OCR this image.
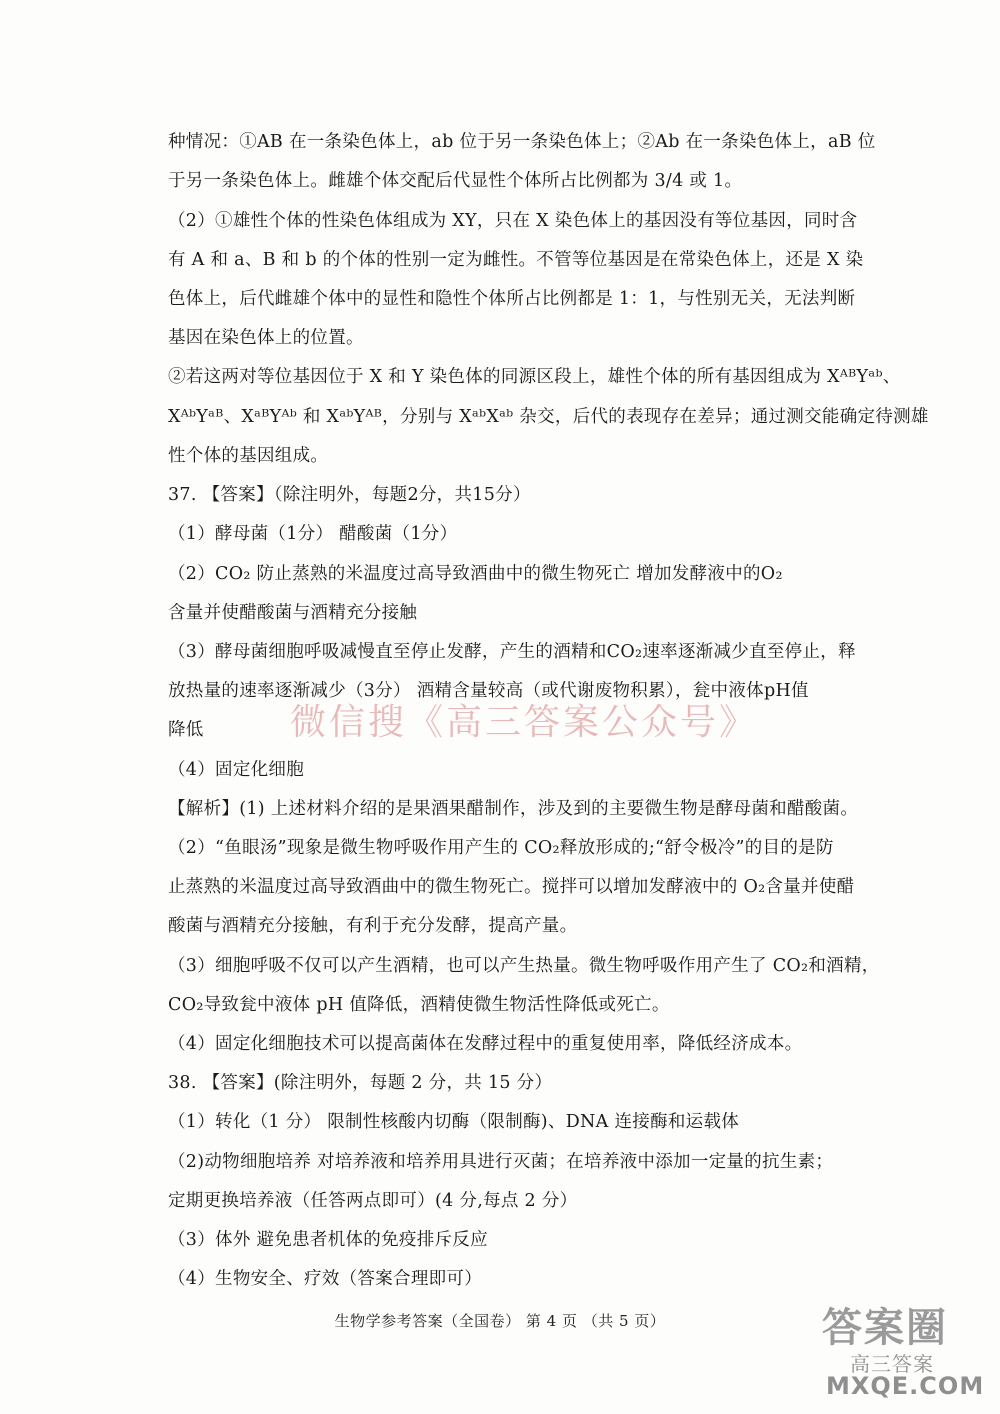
种情况：①AB 在一条染色体上，ab 位于另一条染色体上；②Ab 在一条染色体上，aB 位
于另一条染色体上。雌雄个体交配后代显性个体所占比例都为 3/4 或 1。
（2）①雄性个体的性染色体组成为 XY，只在 X 染色体上的基因没有等位基因，同时含
有 A 和 a、B 和 b 的个体的性别一定为雌性。不管等位基因是在常染色体上，还是 X 染
色体上，后代雌雄个体中的显性和隐性个体所占比例都是 1：1，与性别无关，无法判断
基因在染色体上的位置。
②若这两对等位基因位于 X 和 Y 染色体的同源区段上，雄性个体的所有基因组成为 XᴬᴮYᵃᵇ、
XᴬᵇYᵃᴮ、XᵃᴮYᴬᵇ 和 XᵃᵇYᴬᴮ，分别与 XᵃᵇXᵃᵇ 杂交，后代的表现存在差异；通过测交能确定待测雄
性个体的基因组成。
37. 【答案】（除注明外，每题2分，共15分）
（1）酵母菌（1分） 醋酸菌（1分）
（2）CO₂ 防止蒸熟的米温度过高导致酒曲中的微生物死亡 增加发酵液中的O₂
含量并使醋酸菌与酒精充分接触
（3）酵母菌细胞呼吸减慢直至停止发酵，产生的酒精和CO₂速率逐渐减少直至停止，释
放热量的速率逐渐减少（3分） 酒精含量较高（或代谢废物积累），瓮中液体pH值
降低
（4）固定化细胞
【解析】(1) 上述材料介绍的是果酒果醋制作，涉及到的主要微生物是酵母菌和醋酸菌。
（2）“鱼眼汤”现象是微生物呼吸作用产生的 CO₂释放形成的;“舒令极冷”的目的是防
止蒸熟的米温度过高导致酒曲中的微生物死亡。搅拌可以增加发酵液中的 O₂含量并使醋
酸菌与酒精充分接触，有利于充分发酵，提高产量。
（3）细胞呼吸不仅可以产生酒精，也可以产生热量。微生物呼吸作用产生了 CO₂和酒精，
CO₂导致瓮中液体 pH 值降低，酒精使微生物活性降低或死亡。
（4）固定化细胞技术可以提高菌体在发酵过程中的重复使用率，降低经济成本。
38. 【答案】(除注明外，每题 2 分，共 15 分）
（1）转化（1 分） 限制性核酸内切酶（限制酶)、DNA 连接酶和运载体
（2)动物细胞培养 对培养液和培养用具进行灭菌；在培养液中添加一定量的抗生素；
定期更换培养液（任答两点即可）(4 分,每点 2 分）
（3）体外 避免患者机体的免疫排斥反应
（4）生物安全、疗效（答案合理即可）
微信搜《高三答案公众号》
生物学参考答案（全国卷） 第 4 页 （共 5 页）	答案圈
高三答案
MXQE.COM
